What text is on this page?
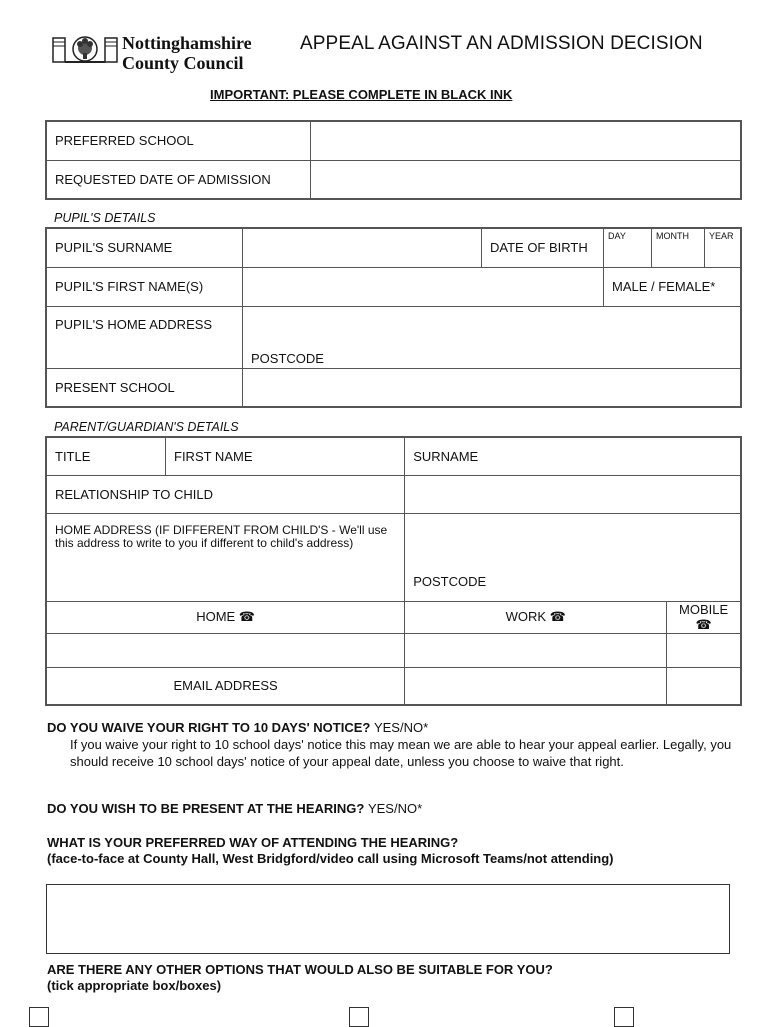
Nottinghamshire
County Council
APPEAL AGAINST AN ADMISSION DECISION
IMPORTANT: PLEASE COMPLETE IN BLACK INK
PREFERRED SCHOOL	
REQUESTED DATE OF ADMISSION	
PUPIL'S DETAILS
PUPIL'S SURNAME		DATE OF BIRTH	DAY	MONTH	YEAR
PUPIL'S FIRST NAME(S)			MALE / FEMALE*		
PUPIL'S HOME ADDRESS	POSTCODE				
PRESENT SCHOOL					
PARENT/GUARDIAN'S DETAILS
TITLE	FIRST NAME	SURNAME	
RELATIONSHIP TO CHILD			
HOME ADDRESS (IF DIFFERENT FROM CHILD'S - We'll use this address to write to you if different to child's address)		POSTCODE	
HOME ☎		WORK ☎	MOBILE ☎

EMAIL ADDRESS			
DO YOU WAIVE YOUR RIGHT TO 10 DAYS' NOTICE? YES/NO*
If you waive your right to 10 school days' notice this may mean we are able to hear your appeal earlier. Legally, you should receive 10 school days' notice of your appeal date, unless you choose to waive that right.
DO YOU WISH TO BE PRESENT AT THE HEARING? YES/NO*
WHAT IS YOUR PREFERRED WAY OF ATTENDING THE HEARING?
(face-to-face at County Hall, West Bridgford/video call using Microsoft Teams/not attending)
ARE THERE ANY OTHER OPTIONS THAT WOULD ALSO BE SUITABLE FOR YOU?
(tick appropriate box/boxes)
